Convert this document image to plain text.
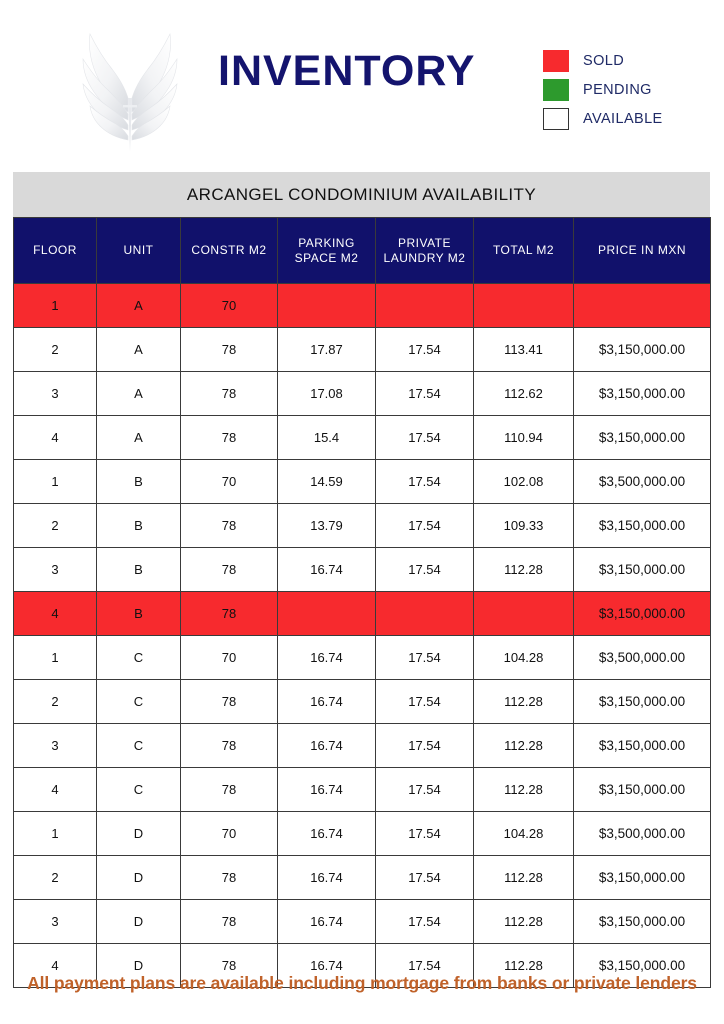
INVENTORY	SOLD
PENDING
AVAILABLE
ARCANGEL CONDOMINIUM AVAILABILITY
FLOOR	UNIT	CONSTR M2	PARKING SPACE M2	PRIVATE LAUNDRY M2	TOTAL M2	PRICE IN MXN
1	A	70				
2	A	78	17.87	17.54	113.41	$3,150,000.00
3	A	78	17.08	17.54	112.62	$3,150,000.00
4	A	78	15.4	17.54	110.94	$3,150,000.00
1	B	70	14.59	17.54	102.08	$3,500,000.00
2	B	78	13.79	17.54	109.33	$3,150,000.00
3	B	78	16.74	17.54	112.28	$3,150,000.00
4	B	78				$3,150,000.00
1	C	70	16.74	17.54	104.28	$3,500,000.00
2	C	78	16.74	17.54	112.28	$3,150,000.00
3	C	78	16.74	17.54	112.28	$3,150,000.00
4	C	78	16.74	17.54	112.28	$3,150,000.00
1	D	70	16.74	17.54	104.28	$3,500,000.00
2	D	78	16.74	17.54	112.28	$3,150,000.00
3	D	78	16.74	17.54	112.28	$3,150,000.00
4	D	78	16.74	17.54	112.28	$3,150,000.00
All payment plans are available including mortgage from banks or private lenders
